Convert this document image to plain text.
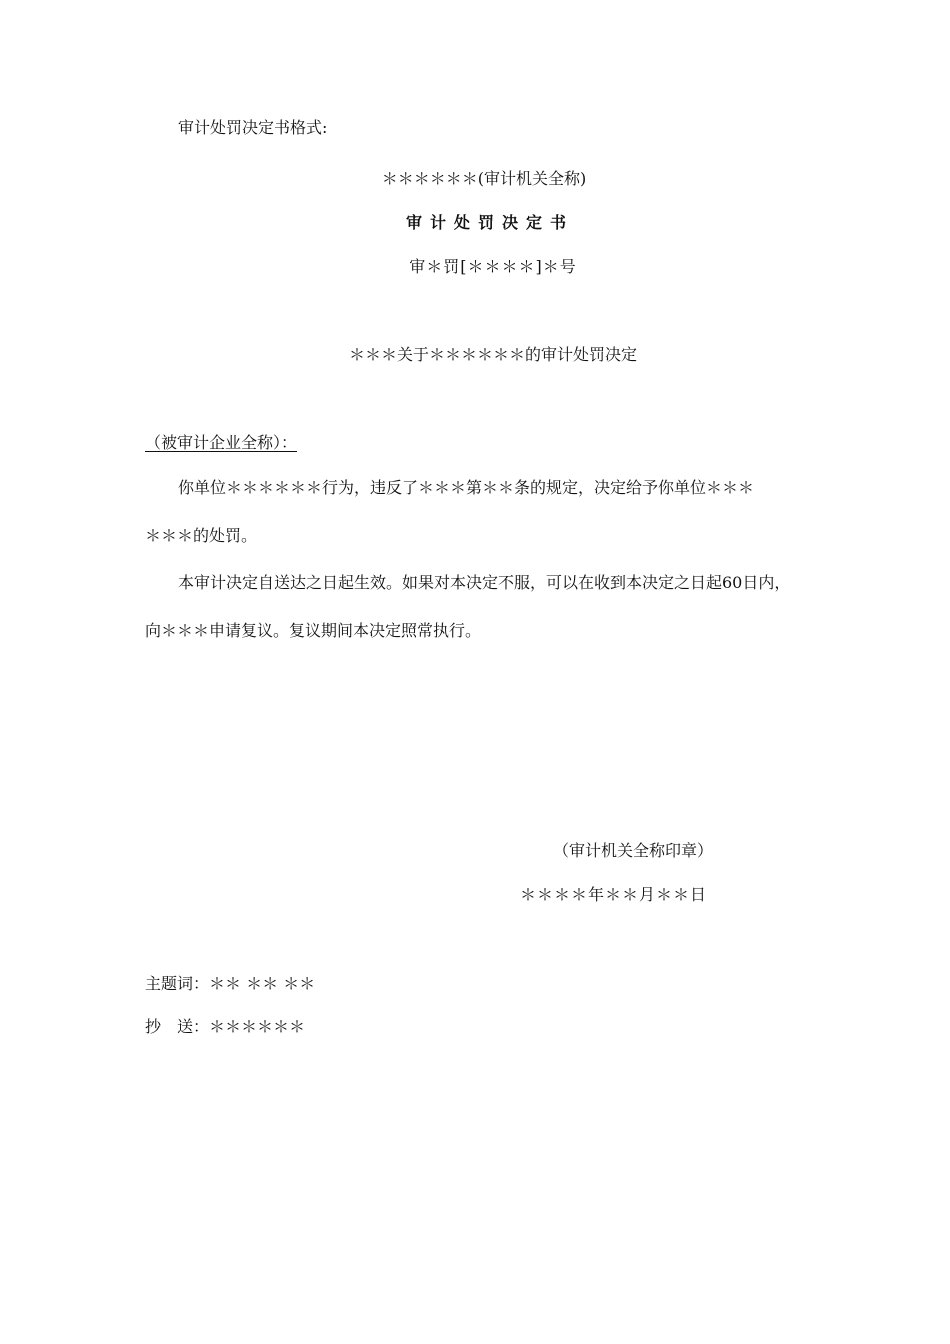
审计处罚决定书格式:
＊＊＊＊＊＊(审计机关全称)
审计处罚决定书
审＊罚[＊＊＊＊]＊号
＊＊＊关于＊＊＊＊＊＊的审计处罚决定
（被审计企业全称）：
你单位＊＊＊＊＊＊行为，违反了＊＊＊第＊＊条的规定，决定给予你单位＊＊＊
＊＊＊的处罚。
本审计决定自送达之日起生效。如果对本决定不服，可以在收到本决定之日起60日内，
向＊＊＊申请复议。复议期间本决定照常执行。
（审计机关全称印章）
＊＊＊＊年＊＊月＊＊日
主题词：＊＊ ＊＊ ＊＊
抄　送：＊＊＊＊＊＊
